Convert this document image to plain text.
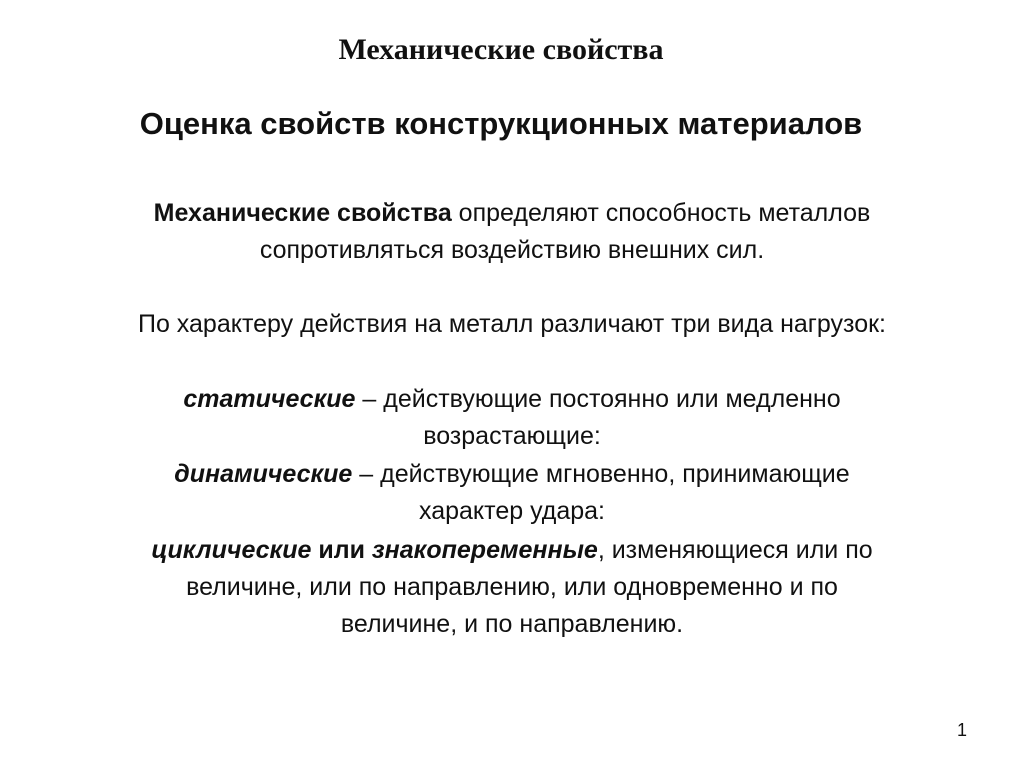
Механические свойства
Оценка свойств конструкционных материалов
Механические свойства определяют способность металлов
сопротивляться воздействию внешних сил.
По характеру действия на металл различают три вида нагрузок:
статические – действующие постоянно или медленно
возрастающие:
динамические – действующие мгновенно, принимающие
характер удара:
циклические или знакопеременные, изменяющиеся или по
величине, или по направлению, или одновременно и по
величине, и по направлению.
1
